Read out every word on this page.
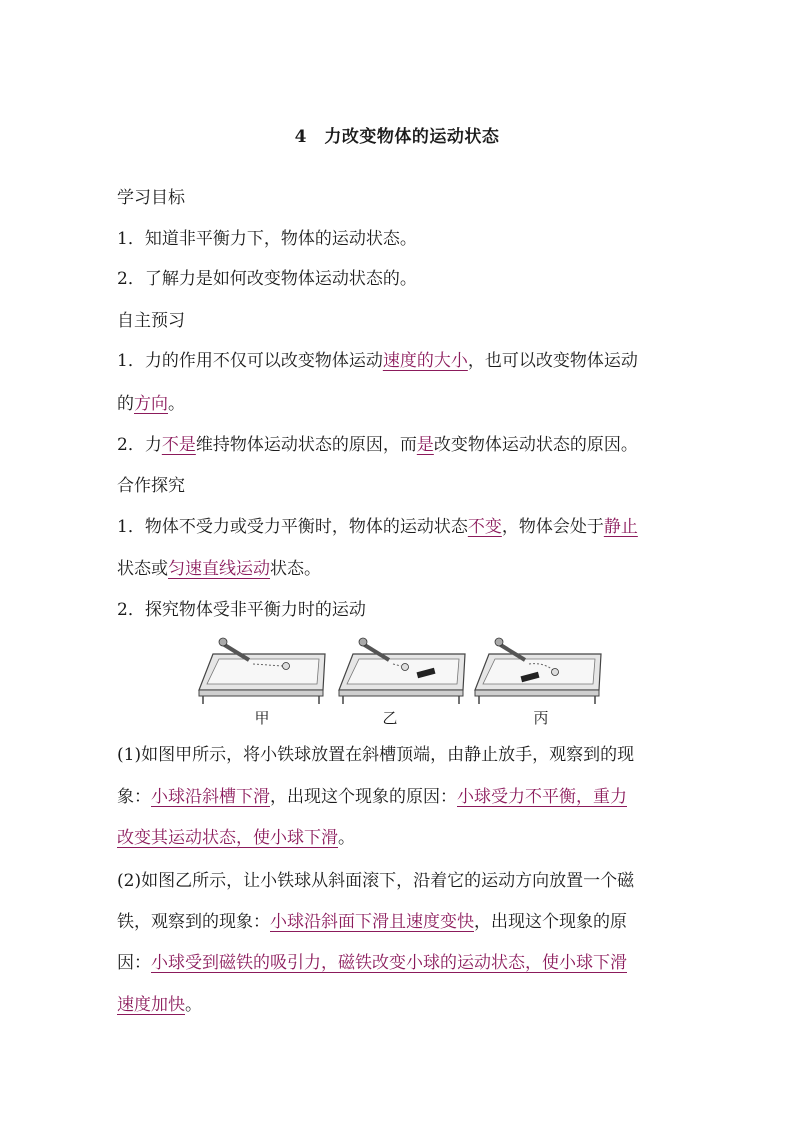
4　力改变物体的运动状态
学习目标
1．知道非平衡力下，物体的运动状态。
2．了解力是如何改变物体运动状态的。
自主预习
1．力的作用不仅可以改变物体运动速度的大小，也可以改变物体运动
的方向。
2．力不是维持物体运动状态的原因，而是改变物体运动状态的原因。
合作探究
1．物体不受力或受力平衡时，物体的运动状态不变，物体会处于静止
状态或匀速直线运动状态。
2．探究物体受非平衡力时的运动
甲	乙	丙
(1)如图甲所示，将小铁球放置在斜槽顶端，由静止放手，观察到的现
象：小球沿斜槽下滑，出现这个现象的原因：小球受力不平衡，重力
改变其运动状态，使小球下滑。
(2)如图乙所示，让小铁球从斜面滚下，沿着它的运动方向放置一个磁
铁，观察到的现象：小球沿斜面下滑且速度变快，出现这个现象的原
因：小球受到磁铁的吸引力，磁铁改变小球的运动状态，使小球下滑
速度加快。
